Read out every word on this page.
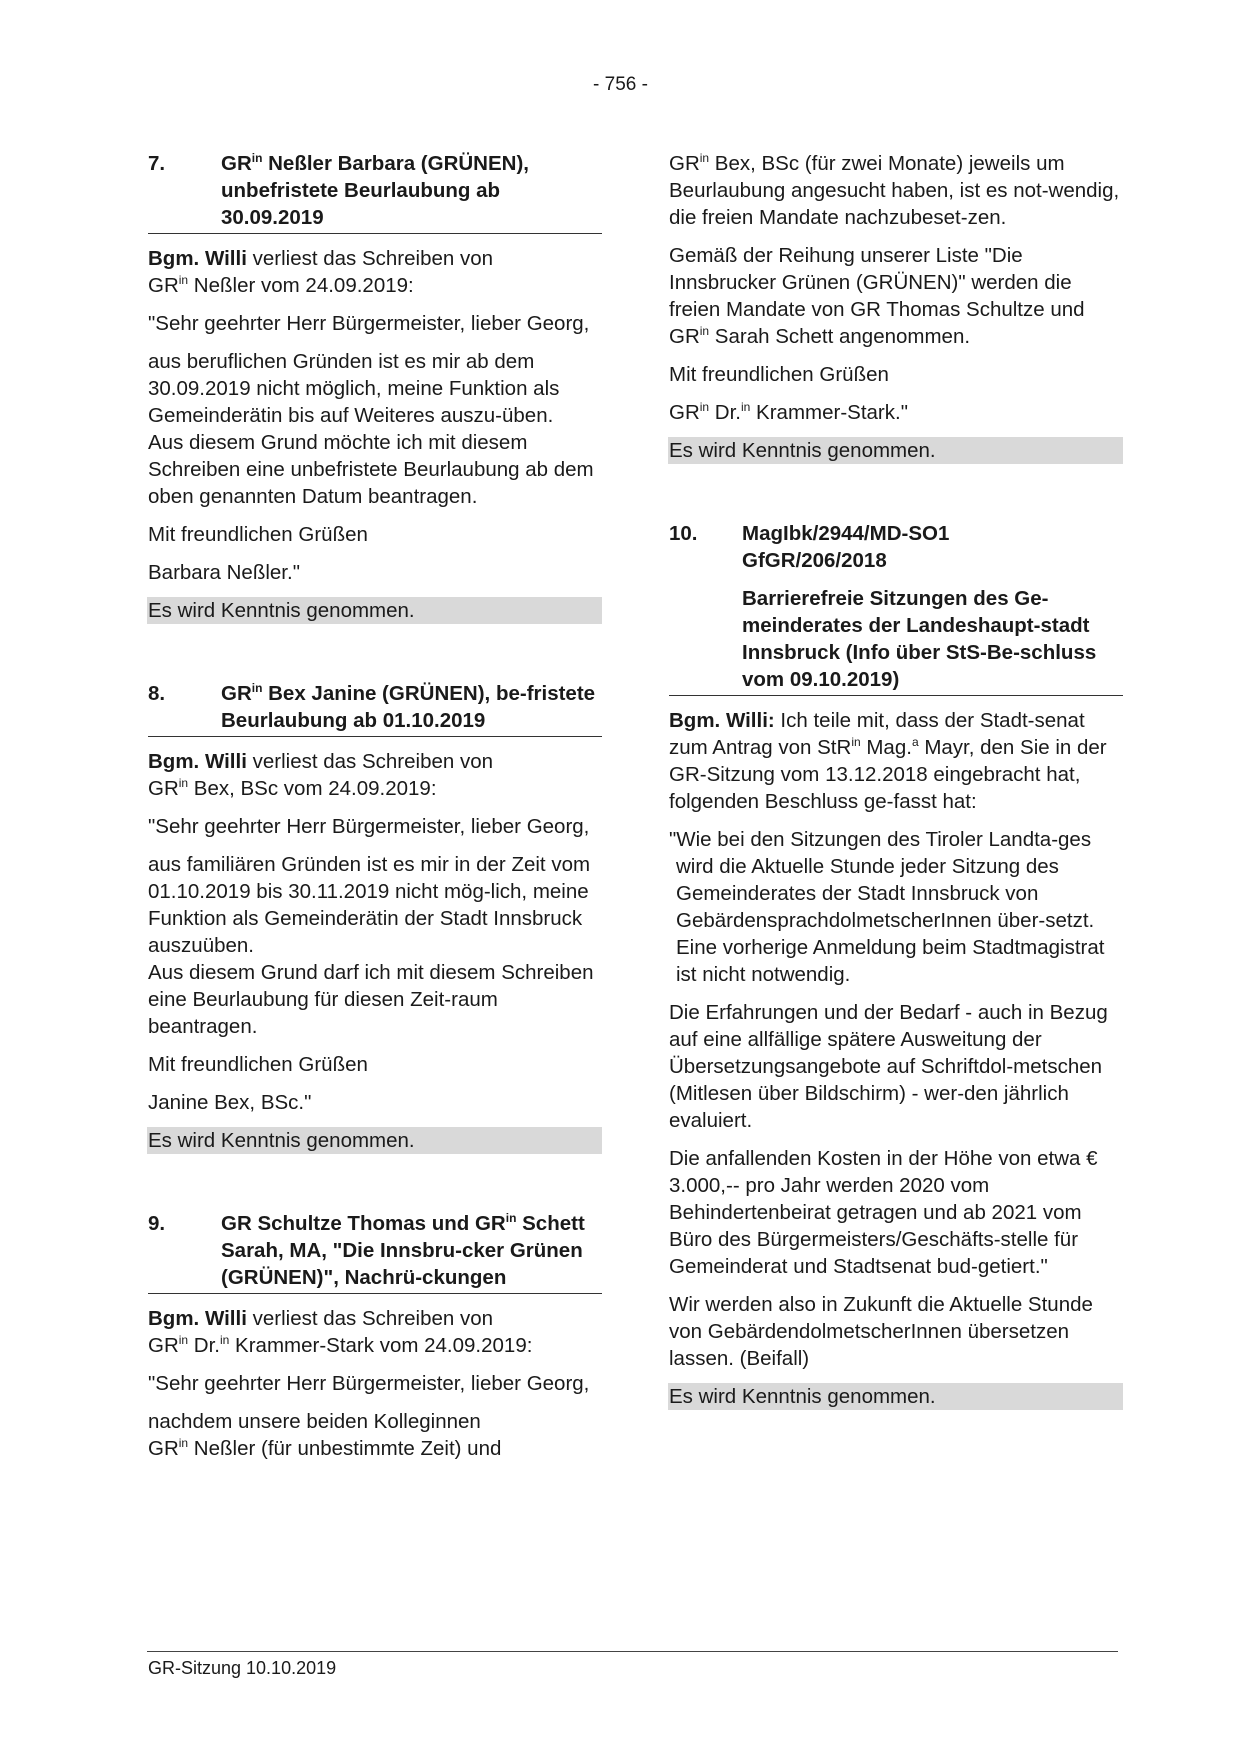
- 756 -
7.	$GR^{in}$ Neßler Barbara (GRÜNEN), unbefristete Beurlaubung ab 30.09.2019

Bgm. Willi verliest das Schreiben von
$GR^{in}$ Neßler vom 24.09.2019:

"Sehr geehrter Herr Bürgermeister, lieber Georg,

aus beruflichen Gründen ist es mir ab dem 30.09.2019 nicht möglich, meine Funktion als Gemeinderätin bis auf Weiteres auszu-üben.

Aus diesem Grund möchte ich mit diesem Schreiben eine unbefristete Beurlaubung ab dem oben genannten Datum beantragen.

Mit freundlichen Grüßen

Barbara Neßler."

Es wird Kenntnis genommen.
8.	$GR^{in}$ Bex Janine (GRÜNEN), be-fristete Beurlaubung ab 01.10.2019

Bgm. Willi verliest das Schreiben von
$GR^{in}$ Bex, BSc vom 24.09.2019:

"Sehr geehrter Herr Bürgermeister, lieber Georg,

aus familiären Gründen ist es mir in der Zeit vom 01.10.2019 bis 30.11.2019 nicht mög-lich, meine Funktion als Gemeinderätin der Stadt Innsbruck auszuüben.

Aus diesem Grund darf ich mit diesem Schreiben eine Beurlaubung für diesen Zeit-raum beantragen.

Mit freundlichen Grüßen

Janine Bex, BSc."

Es wird Kenntnis genommen.
9.	GR Schultze Thomas und $GR^{in}$ Schett Sarah, MA, "Die Innsbru-cker Grünen (GRÜNEN)", Nachrü-ckungen

Bgm. Willi verliest das Schreiben von
$GR^{in}$ Dr.$^{in}$ Krammer-Stark vom 24.09.2019:

"Sehr geehrter Herr Bürgermeister, lieber Georg,

nachdem unsere beiden Kolleginnen
$GR^{in}$ Neßler (für unbestimmte Zeit) und

$GR^{in}$ Bex, BSc (für zwei Monate) jeweils um Beurlaubung angesucht haben, ist es not-wendig, die freien Mandate nachzubeset-zen.

Gemäß der Reihung unserer Liste "Die Innsbrucker Grünen (GRÜNEN)" werden die freien Mandate von GR Thomas Schultze und $GR^{in}$ Sarah Schett angenommen.

Mit freundlichen Grüßen

$GR^{in}$ Dr.$^{in}$ Krammer-Stark."

Es wird Kenntnis genommen.
10.	MagIbk/2944/MD-SO1
GfGR/206/2018
Barrierefreie Sitzungen des Ge-meinderates der Landeshaupt-stadt Innsbruck (Info über StS-Be-schluss vom 09.10.2019)

Bgm. Willi: Ich teile mit, dass der Stadt-senat zum Antrag von StR$^{in}$ Mag.$^a$ Mayr, den Sie in der GR-Sitzung vom 13.12.2018 eingebracht hat, folgenden Beschluss ge-fasst hat:

"Wie bei den Sitzungen des Tiroler Landta-ges wird die Aktuelle Stunde jeder Sitzung des Gemeinderates der Stadt Innsbruck von GebärdensprachdolmetscherInnen über-setzt. Eine vorherige Anmeldung beim Stadtmagistrat ist nicht notwendig.

Die Erfahrungen und der Bedarf - auch in Bezug auf eine allfällige spätere Ausweitung der Übersetzungsangebote auf Schriftdol-metschen (Mitlesen über Bildschirm) - wer-den jährlich evaluiert.

Die anfallenden Kosten in der Höhe von etwa € 3.000,-- pro Jahr werden 2020 vom Behindertenbeirat getragen und ab 2021 vom Büro des Bürgermeisters/Geschäfts-stelle für Gemeinderat und Stadtsenat bud-getiert."

Wir werden also in Zukunft die Aktuelle Stunde von GebärdendolmetscherInnen übersetzen lassen. (Beifall)

Es wird Kenntnis genommen.
GR-Sitzung 10.10.2019
